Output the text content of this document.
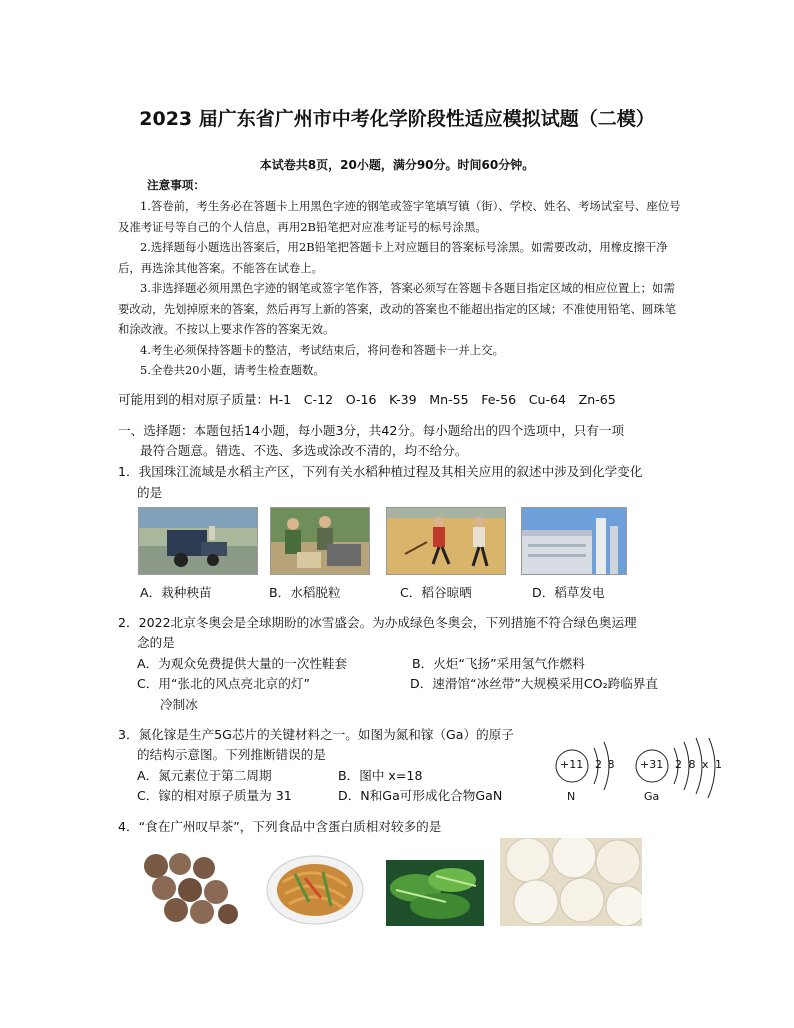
2023 届广东省广州市中考化学阶段性适应模拟试题（二模）
本试卷共8页，20小题，满分90分。时间60分钟。
注意事项：

1.答卷前，考生务必在答题卡上用黑色字迹的钢笔或签字笔填写镇（街）、学校、姓名、考场试室号、座位号及准考证号等自己的个人信息，再用2B铅笔把对应准考证号的标号涂黑。

2.选择题每小题选出答案后，用2B铅笔把答题卡上对应题目的答案标号涂黑。如需要改动，用橡皮擦干净后，再选涂其他答案。不能答在试卷上。

3.非选择题必须用黑色字迹的钢笔或签字笔作答，答案必须写在答题卡各题目指定区域的相应位置上；如需要改动，先划掉原来的答案，然后再写上新的答案，改动的答案也不能超出指定的区域；不准使用铅笔、圆珠笔和涂改液。不按以上要求作答的答案无效。

4.考生必须保持答题卡的整洁，考试结束后，将问卷和答题卡一并上交。

5.全卷共20小题，请考生检查题数。

可能用到的相对原子质量：H-1　C-12　O-16　K-39　Mn-55　Fe-56　Cu-64　Zn-65
一、选择题：本题包括14小题，每小题3分，共42分。每小题给出的四个选项中，只有一项
最符合题意。错选、不选、多选或涂改不清的，均不给分。
1．我国珠江流域是水稻主产区，下列有关水稻种植过程及其相关应用的叙述中涉及到化学变化
的是
A．栽种秧苗	B．水稻脱粒	C．稻谷晾晒	D．稻草发电
2．2022北京冬奥会是全球期盼的冰雪盛会。为办成绿色冬奥会，下列措施不符合绿色奥运理
念的是
A．为观众免费提供大量的一次性鞋套	B．火炬“飞扬”采用氢气作燃料
C．用“张北的风点亮北京的灯”	D．速滑馆“冰丝带”大规模采用CO₂跨临界直
冷制冰
3．氮化镓是生产5G芯片的关键材料之一。如图为氮和镓（Ga）的原子
的结构示意图。下列推断错误的是
A．氮元素位于第二周期	B．图中 x=18
C．镓的相对原子质量为 31	D．N和Ga可形成化合物GaN
+11 2 8
N
+31 2 8 x 1
Ga
4．“食在广州叹早茶”，下列食品中含蛋白质相对较多的是
